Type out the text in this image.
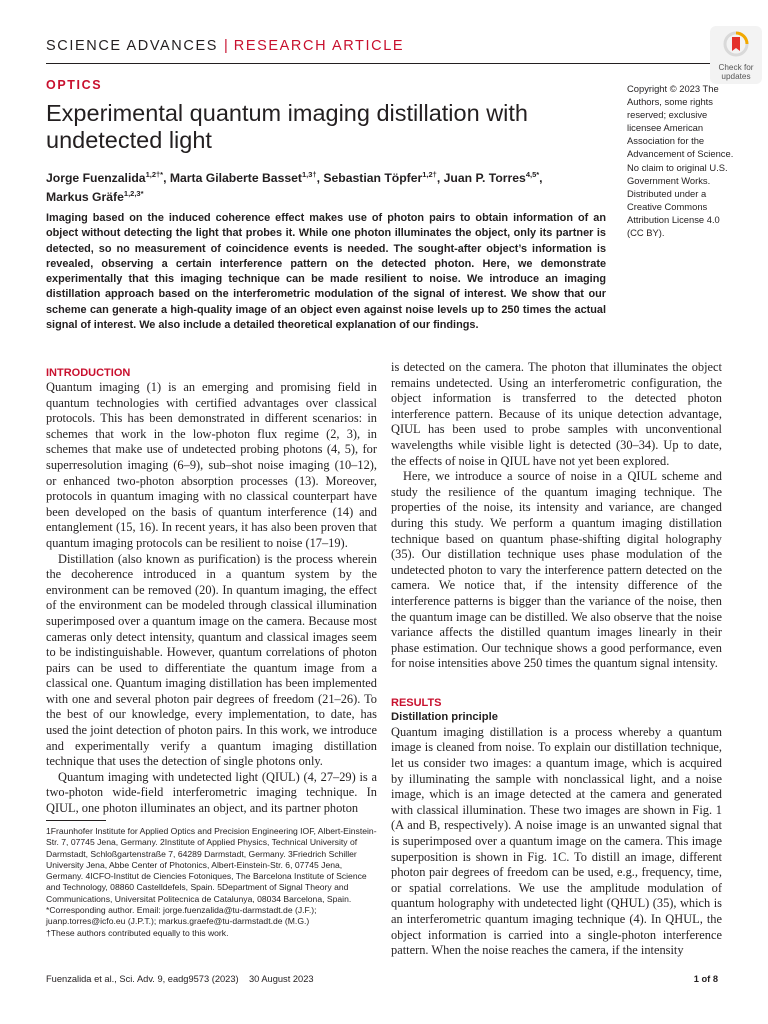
SCIENCE ADVANCES | RESEARCH ARTICLE
Check for updates
OPTICS
Experimental quantum imaging distillation with undetected light
Jorge Fuenzalida$^{1,2\dagger*}$, Marta Gilaberte Basset$^{1,3\dagger}$, Sebastian Töpfer$^{1,2\dagger}$, Juan P. Torres$^{4,5*}$, Markus Gräfe$^{1,2,3*}$
Copyright © 2023 The Authors, some rights reserved; exclusive licensee American Association for the Advancement of Science. No claim to original U.S. Government Works. Distributed under a Creative Commons Attribution License 4.0 (CC BY).
Imaging based on the induced coherence effect makes use of photon pairs to obtain information of an object without detecting the light that probes it. While one photon illuminates the object, only its partner is detected, so no measurement of coincidence events is needed. The sought-after object’s information is revealed, observing a certain interference pattern on the detected photon. Here, we demonstrate experimentally that this imaging technique can be made resilient to noise. We introduce an imaging distillation approach based on the interferometric modulation of the signal of interest. We show that our scheme can generate a high-quality image of an object even against noise levels up to 250 times the actual signal of interest. We also include a detailed theoretical explanation of our findings.
INTRODUCTION

Quantum imaging (1) is an emerging and promising field in quantum technologies with certified advantages over classical protocols. This has been demonstrated in different scenarios: in schemes that work in the low-photon flux regime (2, 3), in schemes that make use of undetected probing photons (4, 5), for superresolution imaging (6–9), sub–shot noise imaging (10–12), or enhanced two-photon absorption processes (13). Moreover, protocols in quantum imaging with no classical counterpart have been developed on the basis of quantum interference (14) and entanglement (15, 16). In recent years, it has also been proven that quantum imaging protocols can be resilient to noise (17–19).

Distillation (also known as purification) is the process wherein the decoherence introduced in a quantum system by the environment can be removed (20). In quantum imaging, the effect of the environment can be modeled through classical illumination superimposed over a quantum image on the camera. Because most cameras only detect intensity, quantum and classical images seem to be indistinguishable. However, quantum correlations of photon pairs can be used to differentiate the quantum image from a classical one. Quantum imaging distillation has been implemented with one and several photon pair degrees of freedom (21–26). To the best of our knowledge, every implementation, to date, has used the joint detection of photon pairs. In this work, we introduce and experimentally verify a quantum imaging distillation technique that uses the detection of single photons only.

Quantum imaging with undetected light (QIUL) (4, 27–29) is a two-photon wide-field interferometric imaging technique. In QIUL, one photon illuminates an object, and its partner photon

is detected on the camera. The photon that illuminates the object remains undetected. Using an interferometric configuration, the object information is transferred to the detected photon interference pattern. Because of its unique detection advantage, QIUL has been used to probe samples with unconventional wavelengths while visible light is detected (30–34). Up to date, the effects of noise in QIUL have not yet been explored.

Here, we introduce a source of noise in a QIUL scheme and study the resilience of the quantum imaging technique. The properties of the noise, its intensity and variance, are changed during this study. We perform a quantum imaging distillation technique based on quantum phase-shifting digital holography (35). Our distillation technique uses phase modulation of the undetected photon to vary the interference pattern detected on the camera. We notice that, if the intensity difference of the interference patterns is bigger than the variance of the noise, then the quantum image can be distilled. We also observe that the noise variance affects the distilled quantum images linearly in their phase estimation. Our technique shows a good performance, even for noise intensities above 250 times the quantum signal intensity.

RESULTS
Distillation principle

Quantum imaging distillation is a process whereby a quantum image is cleaned from noise. To explain our distillation technique, let us consider two images: a quantum image, which is acquired by illuminating the sample with nonclassical light, and a noise image, which is an image detected at the camera and generated with classical illumination. These two images are shown in Fig. 1 (A and B, respectively). A noise image is an unwanted signal that is superimposed over a quantum image on the camera. This image superposition is shown in Fig. 1C. To distill an image, different photon pair degrees of freedom can be used, e.g., frequency, time, or spatial correlations. We use the amplitude modulation of quantum holography with undetected light (QHUL) (35), which is an interferometric quantum imaging technique (4). In QHUL, the object information is carried into a single-photon interference pattern. When the noise reaches the camera, if the intensity

1Fraunhofer Institute for Applied Optics and Precision Engineering IOF, Albert-Einstein-Str. 7, 07745 Jena, Germany. 2Institute of Applied Physics, Technical University of Darmstadt, Schloßgartenstraße 7, 64289 Darmstadt, Germany. 3Friedrich Schiller University Jena, Abbe Center of Photonics, Albert-Einstein-Str. 6, 07745 Jena, Germany. 4ICFO-Institut de Ciencies Fotoniques, The Barcelona Institute of Science and Technology, 08860 Castelldefels, Spain. 5Department of Signal Theory and Communications, Universitat Politecnica de Catalunya, 08034 Barcelona, Spain.

*Corresponding author. Email: jorge.fuenzalida@tu-darmstadt.de (J.F.); juanp.torres@icfo.eu (J.P.T.); markus.graefe@tu-darmstadt.de (M.G.)

†These authors contributed equally to this work.

Fuenzalida et al., Sci. Adv. 9, eadg9573 (2023)    30 August 2023	1 of 8
